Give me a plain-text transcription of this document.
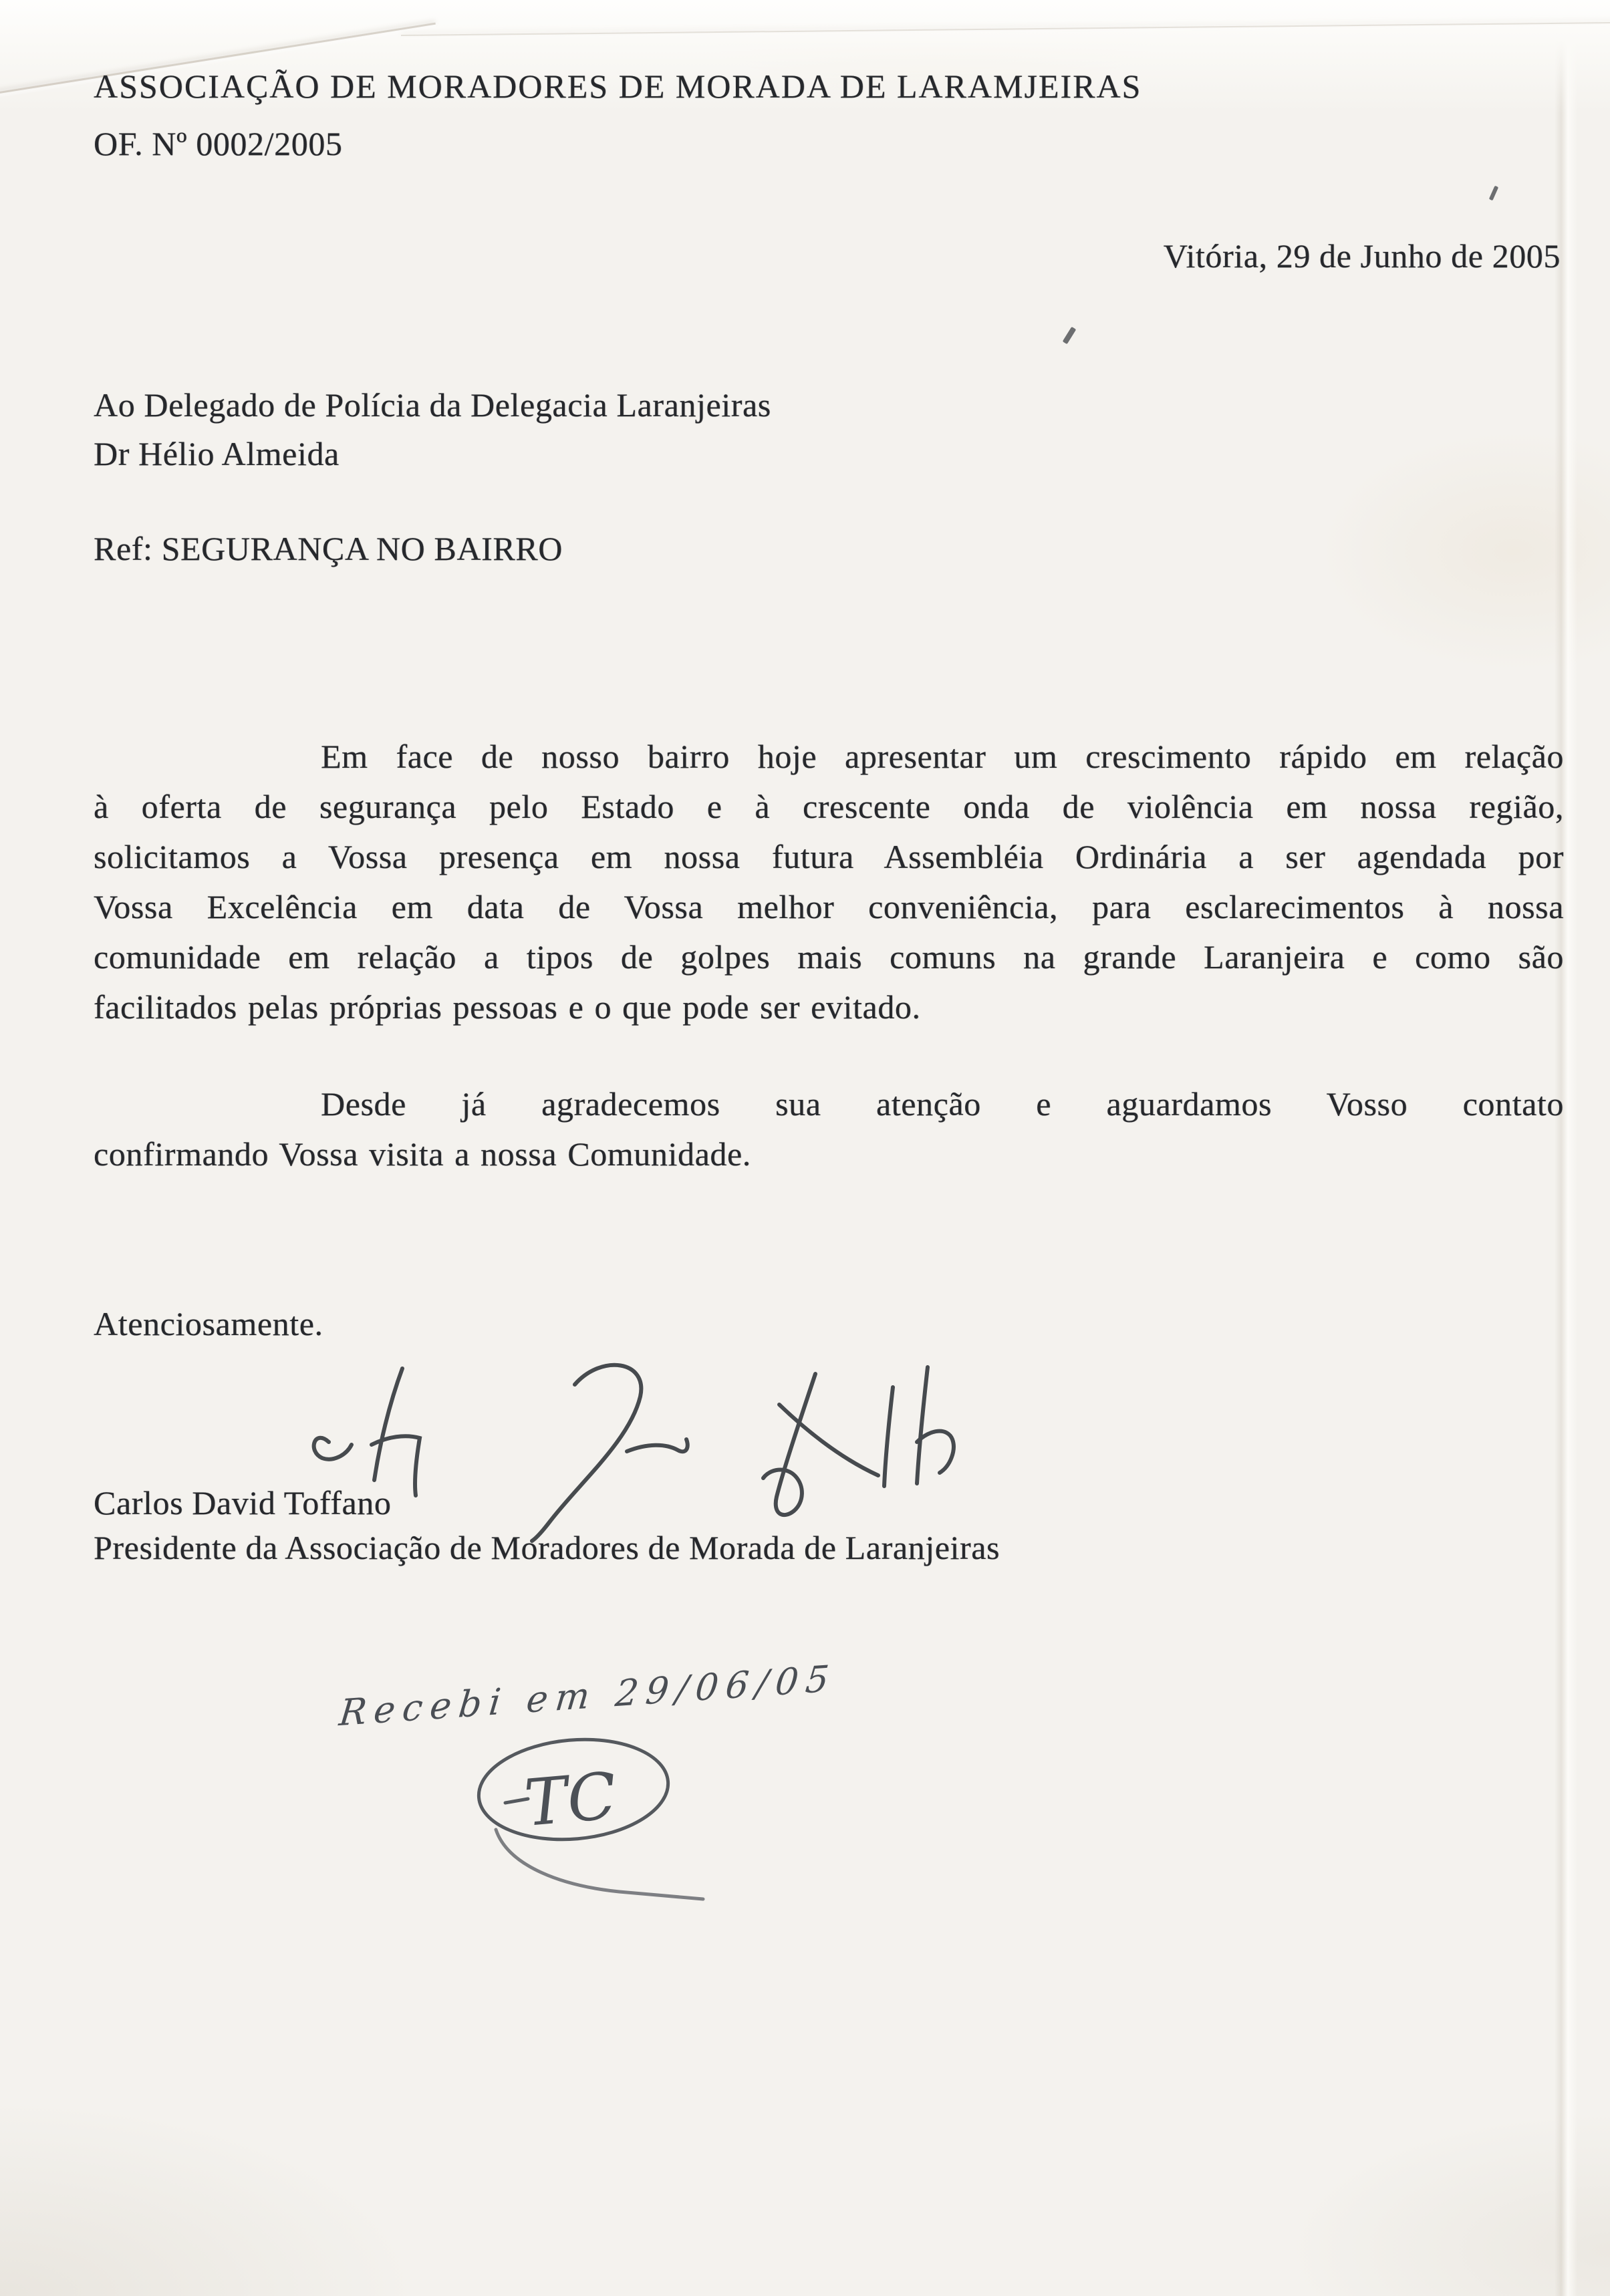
ASSOCIAÇÃO DE MORADORES DE MORADA DE LARAMJEIRAS
OF. Nº 0002/2005
Vitória, 29 de Junho de 2005
Ao Delegado de Polícia da Delegacia Laranjeiras
Dr Hélio Almeida
Ref: SEGURANÇA NO BAIRRO
Em face de nosso bairro hoje apresentar um crescimento rápido em relação
à oferta de segurança pelo Estado e à crescente onda de violência em nossa região,
solicitamos a Vossa presença em nossa futura Assembléia Ordinária a ser agendada por
Vossa Excelência em data de Vossa melhor conveniência, para esclarecimentos à nossa
comunidade em relação a tipos de golpes mais comuns na grande Laranjeira e como são
facilitados pelas próprias pessoas e o que pode ser evitado.
Desde já agradecemos sua atenção e aguardamos Vosso contato
confirmando Vossa visita a nossa Comunidade.
Atenciosamente.
Carlos David Toffano
Presidente da Associação de Moradores de Morada de Laranjeiras
Recebi em 29/06/05
TC
